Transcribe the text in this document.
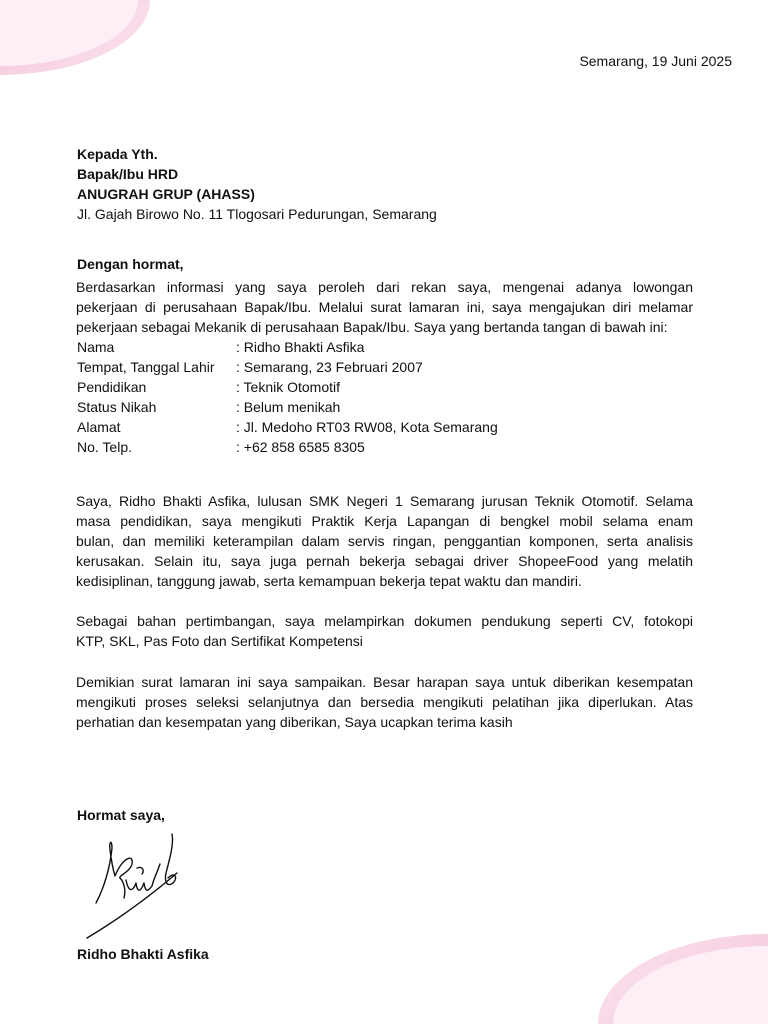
Semarang, 19 Juni 2025
Kepada Yth.
Bapak/Ibu HRD
ANUGRAH GRUP (AHASS)
Jl. Gajah Birowo No. 11 Tlogosari Pedurungan, Semarang
Dengan hormat,
Berdasarkan informasi yang saya peroleh dari rekan saya, mengenai adanya lowongan
pekerjaan di perusahaan Bapak/Ibu. Melalui surat lamaran ini, saya mengajukan diri melamar
pekerjaan sebagai Mekanik di perusahaan Bapak/Ibu. Saya yang bertanda tangan di bawah ini:
Nama	: Ridho Bhakti Asfika
Tempat, Tanggal Lahir	: Semarang, 23 Februari 2007
Pendidikan	: Teknik Otomotif
Status Nikah	: Belum menikah
Alamat	: Jl. Medoho RT03 RW08, Kota Semarang
No. Telp.	: +62 858 6585 8305
Saya, Ridho Bhakti Asfika, lulusan SMK Negeri 1 Semarang jurusan Teknik Otomotif. Selama
masa pendidikan, saya mengikuti Praktik Kerja Lapangan di bengkel mobil selama enam
bulan, dan memiliki keterampilan dalam servis ringan, penggantian komponen, serta analisis
kerusakan. Selain itu, saya juga pernah bekerja sebagai driver ShopeeFood yang melatih
kedisiplinan, tanggung jawab, serta kemampuan bekerja tepat waktu dan mandiri.
Sebagai bahan pertimbangan, saya melampirkan dokumen pendukung seperti CV, fotokopi
KTP, SKL, Pas Foto dan Sertifikat Kompetensi
Demikian surat lamaran ini saya sampaikan. Besar harapan saya untuk diberikan kesempatan
mengikuti proses seleksi selanjutnya dan bersedia mengikuti pelatihan jika diperlukan. Atas
perhatian dan kesempatan yang diberikan, Saya ucapkan terima kasih
Hormat saya,
Ridho Bhakti Asfika
